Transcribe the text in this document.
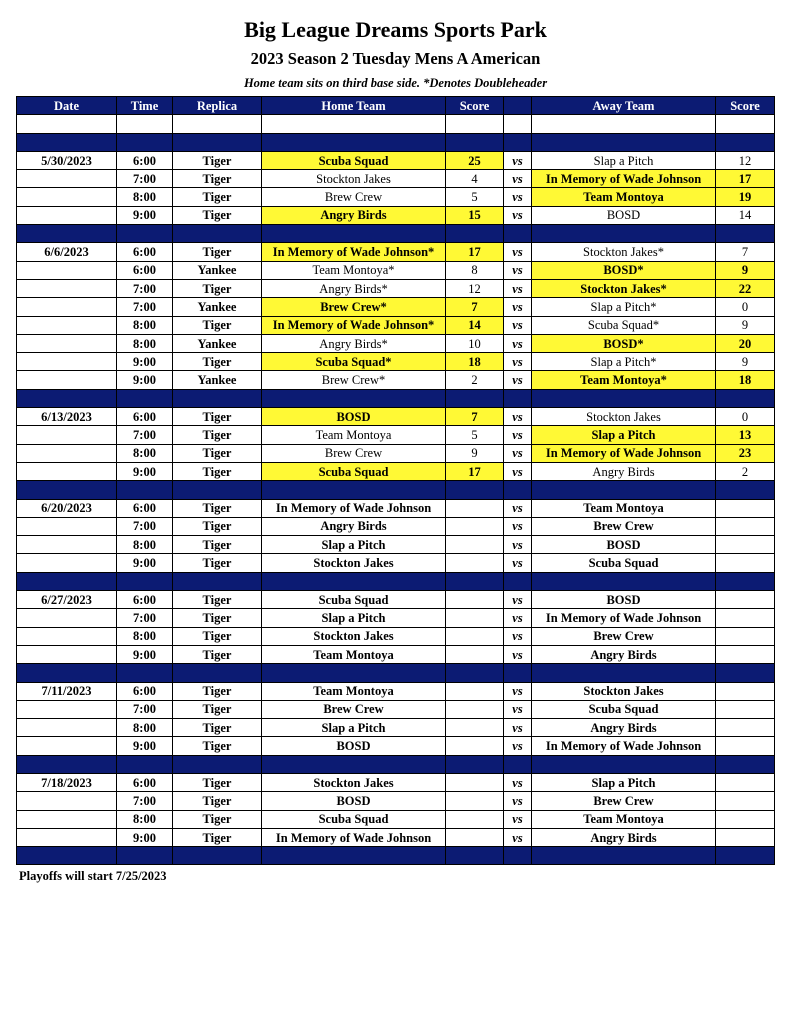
Big League Dreams Sports Park
2023 Season 2 Tuesday Mens A American
Home team sits on third base side. *Denotes Doubleheader
Date	Time	Replica	Home Team	Score		Away Team	Score

5/30/2023	6:00	Tiger	Scuba Squad	25	vs	Slap a Pitch	12
	7:00	Tiger	Stockton Jakes	4	vs	In Memory of Wade Johnson	17
	8:00	Tiger	Brew Crew	5	vs	Team Montoya	19
	9:00	Tiger	Angry Birds	15	vs	BOSD	14

6/6/2023	6:00	Tiger	In Memory of Wade Johnson*	17	vs	Stockton Jakes*	7
	6:00	Yankee	Team Montoya*	8	vs	BOSD*	9
	7:00	Tiger	Angry Birds*	12	vs	Stockton Jakes*	22
	7:00	Yankee	Brew Crew*	7	vs	Slap a Pitch*	0
	8:00	Tiger	In Memory of Wade Johnson*	14	vs	Scuba Squad*	9
	8:00	Yankee	Angry Birds*	10	vs	BOSD*	20
	9:00	Tiger	Scuba Squad*	18	vs	Slap a Pitch*	9
	9:00	Yankee	Brew Crew*	2	vs	Team Montoya*	18

6/13/2023	6:00	Tiger	BOSD	7	vs	Stockton Jakes	0
	7:00	Tiger	Team Montoya	5	vs	Slap a Pitch	13
	8:00	Tiger	Brew Crew	9	vs	In Memory of Wade Johnson	23
	9:00	Tiger	Scuba Squad	17	vs	Angry Birds	2

6/20/2023	6:00	Tiger	In Memory of Wade Johnson		vs	Team Montoya	
	7:00	Tiger	Angry Birds		vs	Brew Crew	
	8:00	Tiger	Slap a Pitch		vs	BOSD	
	9:00	Tiger	Stockton Jakes		vs	Scuba Squad	

6/27/2023	6:00	Tiger	Scuba Squad		vs	BOSD	
	7:00	Tiger	Slap a Pitch		vs	In Memory of Wade Johnson	
	8:00	Tiger	Stockton Jakes		vs	Brew Crew	
	9:00	Tiger	Team Montoya		vs	Angry Birds	

7/11/2023	6:00	Tiger	Team Montoya		vs	Stockton Jakes	
	7:00	Tiger	Brew Crew		vs	Scuba Squad	
	8:00	Tiger	Slap a Pitch		vs	Angry Birds	
	9:00	Tiger	BOSD		vs	In Memory of Wade Johnson	

7/18/2023	6:00	Tiger	Stockton Jakes		vs	Slap a Pitch	
	7:00	Tiger	BOSD		vs	Brew Crew	
	8:00	Tiger	Scuba Squad		vs	Team Montoya	
	9:00	Tiger	In Memory of Wade Johnson		vs	Angry Birds	

Playoffs will start 7/25/2023
